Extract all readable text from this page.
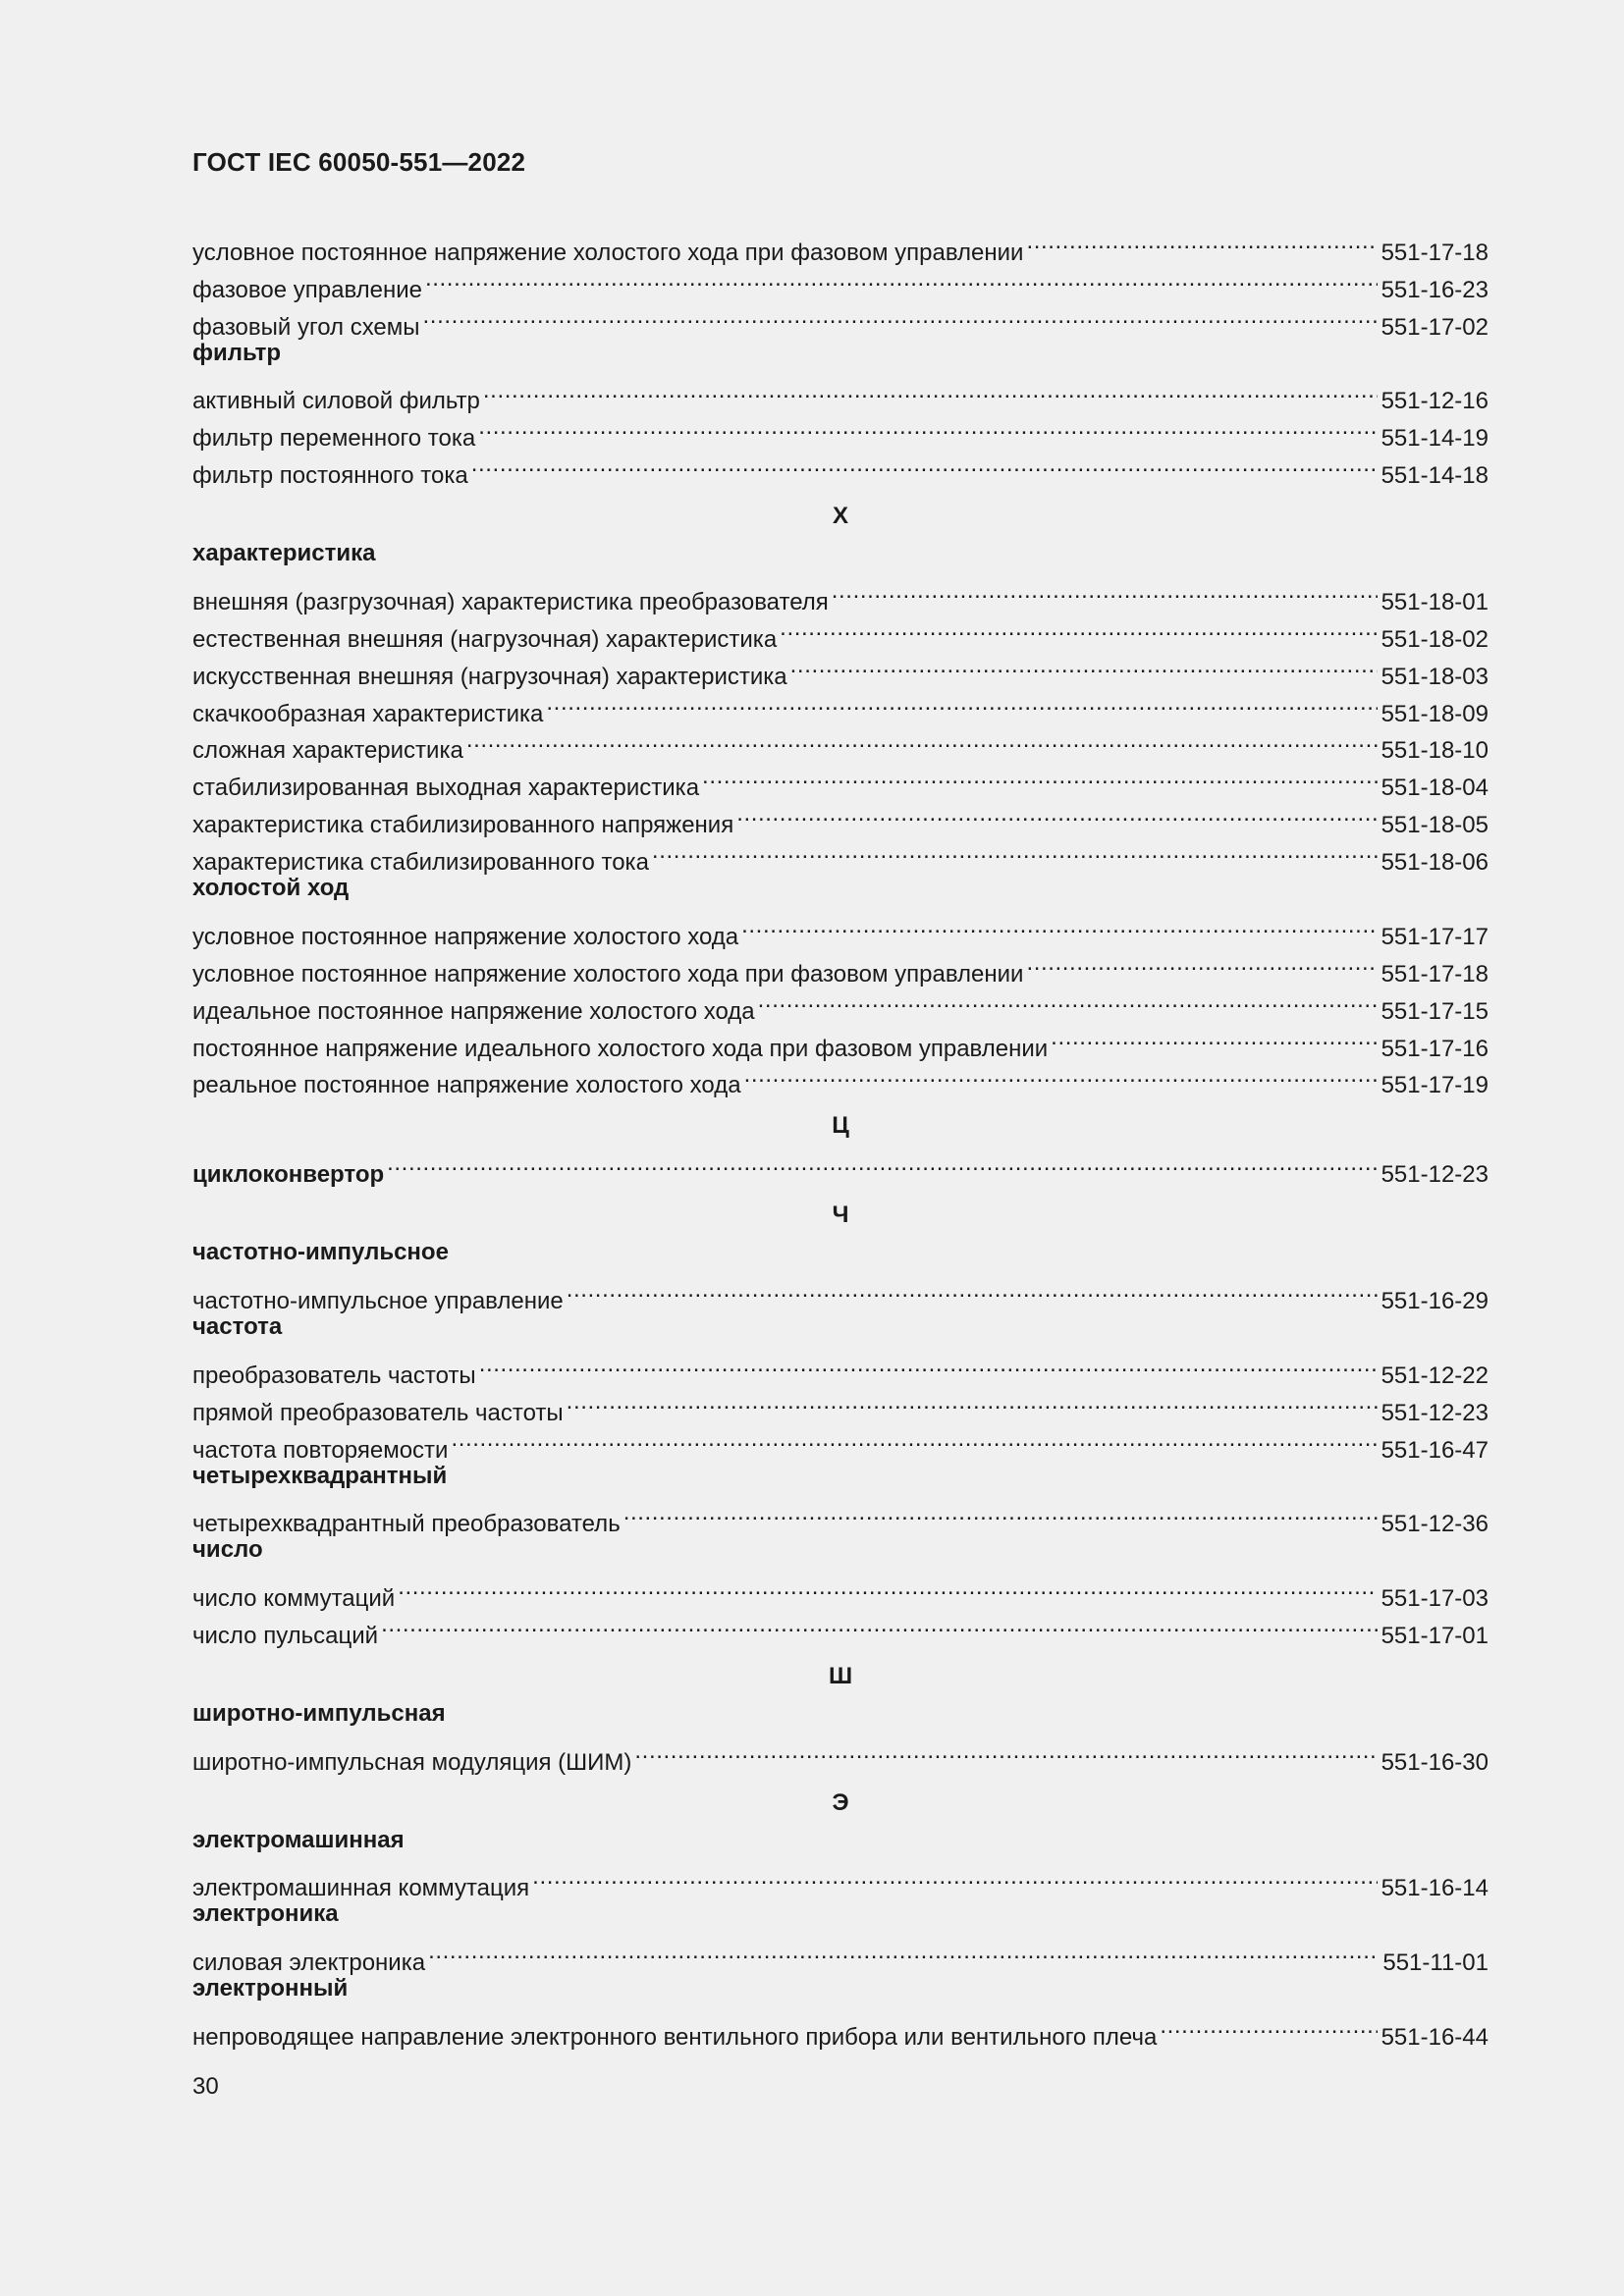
ГОСТ IEC 60050-551—2022
условное постоянное напряжение холостого хода при фазовом управлении .....	551-17-18
фазовое управление .....	551-16-23
фазовый угол схемы .....	551-17-02
фильтр
активный силовой фильтр .....	551-12-16
фильтр переменного тока .....	551-14-19
фильтр постоянного тока .....	551-14-18
Х
характеристика
внешняя (разгрузочная) характеристика преобразователя .....	551-18-01
естественная внешняя (нагрузочная) характеристика .....	551-18-02
искусственная внешняя (нагрузочная) характеристика .....	551-18-03
скачкообразная характеристика .....	551-18-09
сложная характеристика .....	551-18-10
стабилизированная выходная характеристика .....	551-18-04
характеристика стабилизированного напряжения .....	551-18-05
характеристика стабилизированного тока .....	551-18-06
холостой ход
условное постоянное напряжение холостого хода .....	551-17-17
условное постоянное напряжение холостого хода при фазовом управлении .....	551-17-18
идеальное постоянное напряжение холостого хода .....	551-17-15
постоянное напряжение идеального холостого хода при фазовом управлении .....	551-17-16
реальное постоянное напряжение холостого хода .....	551-17-19
Ц
циклоконвертор .....	551-12-23
Ч
частотно-импульсное
частотно-импульсное управление .....	551-16-29
частота
преобразователь частоты .....	551-12-22
прямой преобразователь частоты .....	551-12-23
частота повторяемости .....	551-16-47
четырехквадрантный
четырехквадрантный преобразователь .....	551-12-36
число
число коммутаций .....	551-17-03
число пульсаций .....	551-17-01
Ш
широтно-импульсная
широтно-импульсная модуляция (ШИМ) .....	551-16-30
Э
электромашинная
электромашинная коммутация .....	551-16-14
электроника
силовая электроника .....	551-11-01
электронный
непроводящее направление электронного вентильного прибора или вентильного плеча .....	551-16-44
30
